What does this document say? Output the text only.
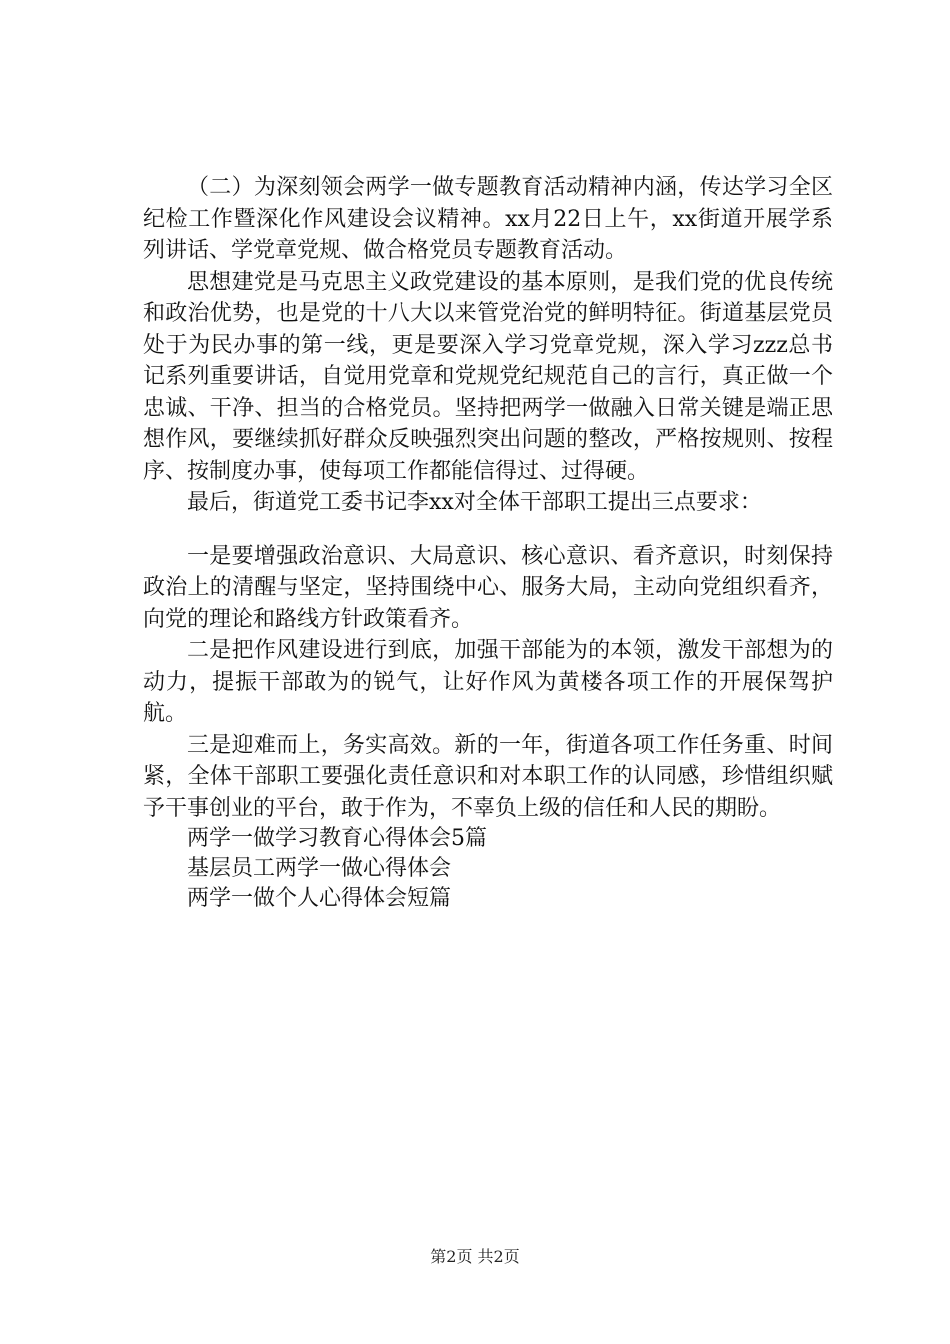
（二）为深刻领会两学一做专题教育活动精神内涵，传达学习全区纪检工作暨深化作风建设会议精神。xx月22日上午，xx街道开展学系列讲话、学党章党规、做合格党员专题教育活动。

思想建党是马克思主义政党建设的基本原则，是我们党的优良传统和政治优势，也是党的十八大以来管党治党的鲜明特征。街道基层党员处于为民办事的第一线，更是要深入学习党章党规，深入学习zzz总书记系列重要讲话，自觉用党章和党规党纪规范自己的言行，真正做一个忠诚、干净、担当的合格党员。坚持把两学一做融入日常关键是端正思想作风，要继续抓好群众反映强烈突出问题的整改，严格按规则、按程序、按制度办事，使每项工作都能信得过、过得硬。

最后，街道党工委书记李xx对全体干部职工提出三点要求：

一是要增强政治意识、大局意识、核心意识、看齐意识，时刻保持政治上的清醒与坚定，坚持围绕中心、服务大局，主动向党组织看齐，向党的理论和路线方针政策看齐。

二是把作风建设进行到底，加强干部能为的本领，激发干部想为的动力，提振干部敢为的锐气，让好作风为黄楼各项工作的开展保驾护航。

三是迎难而上，务实高效。新的一年，街道各项工作任务重、时间紧，全体干部职工要强化责任意识和对本职工作的认同感，珍惜组织赋予干事创业的平台，敢于作为，不辜负上级的信任和人民的期盼。

两学一做学习教育心得体会5篇

基层员工两学一做心得体会

两学一做个人心得体会短篇

第2页 共2页
